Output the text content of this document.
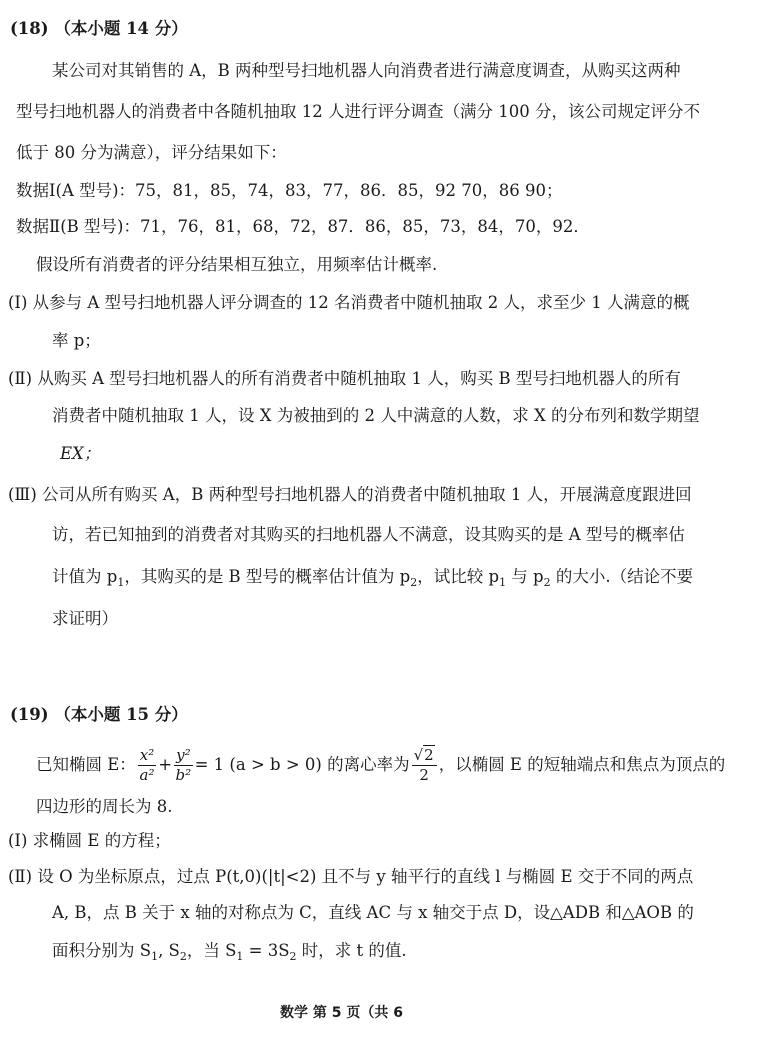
(18) （本小题 14 分）
某公司对其销售的 A，B 两种型号扫地机器人向消费者进行满意度调查，从购买这两种
型号扫地机器人的消费者中各随机抽取 12 人进行评分调查（满分 100 分，该公司规定评分不
低于 80 分为满意），评分结果如下：
数据Ⅰ(A 型号)：75，81，85，74，83，77，86．85，92 70，86 90；
数据Ⅱ(B 型号)：71，76，81，68，72，87．86，85，73，84，70，92．
假设所有消费者的评分结果相互独立，用频率估计概率.
(Ⅰ) 从参与 A 型号扫地机器人评分调查的 12 名消费者中随机抽取 2 人，求至少 1 人满意的概
率 p；
(Ⅱ) 从购买 A 型号扫地机器人的所有消费者中随机抽取 1 人，购买 B 型号扫地机器人的所有
消费者中随机抽取 1 人，设 X 为被抽到的 2 人中满意的人数，求 X 的分布列和数学期望
EX；
(Ⅲ) 公司从所有购买 A，B 两种型号扫地机器人的消费者中随机抽取 1 人，开展满意度跟进回
访，若已知抽到的消费者对其购买的扫地机器人不满意，设其购买的是 A 型号的概率估
计值为 $p_1$，其购买的是 B 型号的概率估计值为 $p_2$，试比较 $p_1$ 与 $p_2$ 的大小.（结论不要
求证明）
(19) （本小题 15 分）
已知椭圆 E： $\frac{\text{x²}}{\text{a²}} + \frac{\text{y²}}{\text{b²}} = 1$ (a > b > 0) 的离心率为 $\frac{√2}{2}$ ，以椭圆 E 的短轴端点和焦点为顶点的
四边形的周长为 8.
(Ⅰ) 求椭圆 E 的方程；
(Ⅱ) 设 O 为坐标原点，过点 P(t,0)(|t|<2) 且不与 y 轴平行的直线 l 与椭圆 E 交于不同的两点
A, B，点 B 关于 x 轴的对称点为 C，直线 AC 与 x 轴交于点 D，设△ADB 和△AOB 的
面积分别为 $S_1$, $S_2$，当 $S_1 = 3S_2$ 时，求 t 的值.
数学 第 5 页（共 6
